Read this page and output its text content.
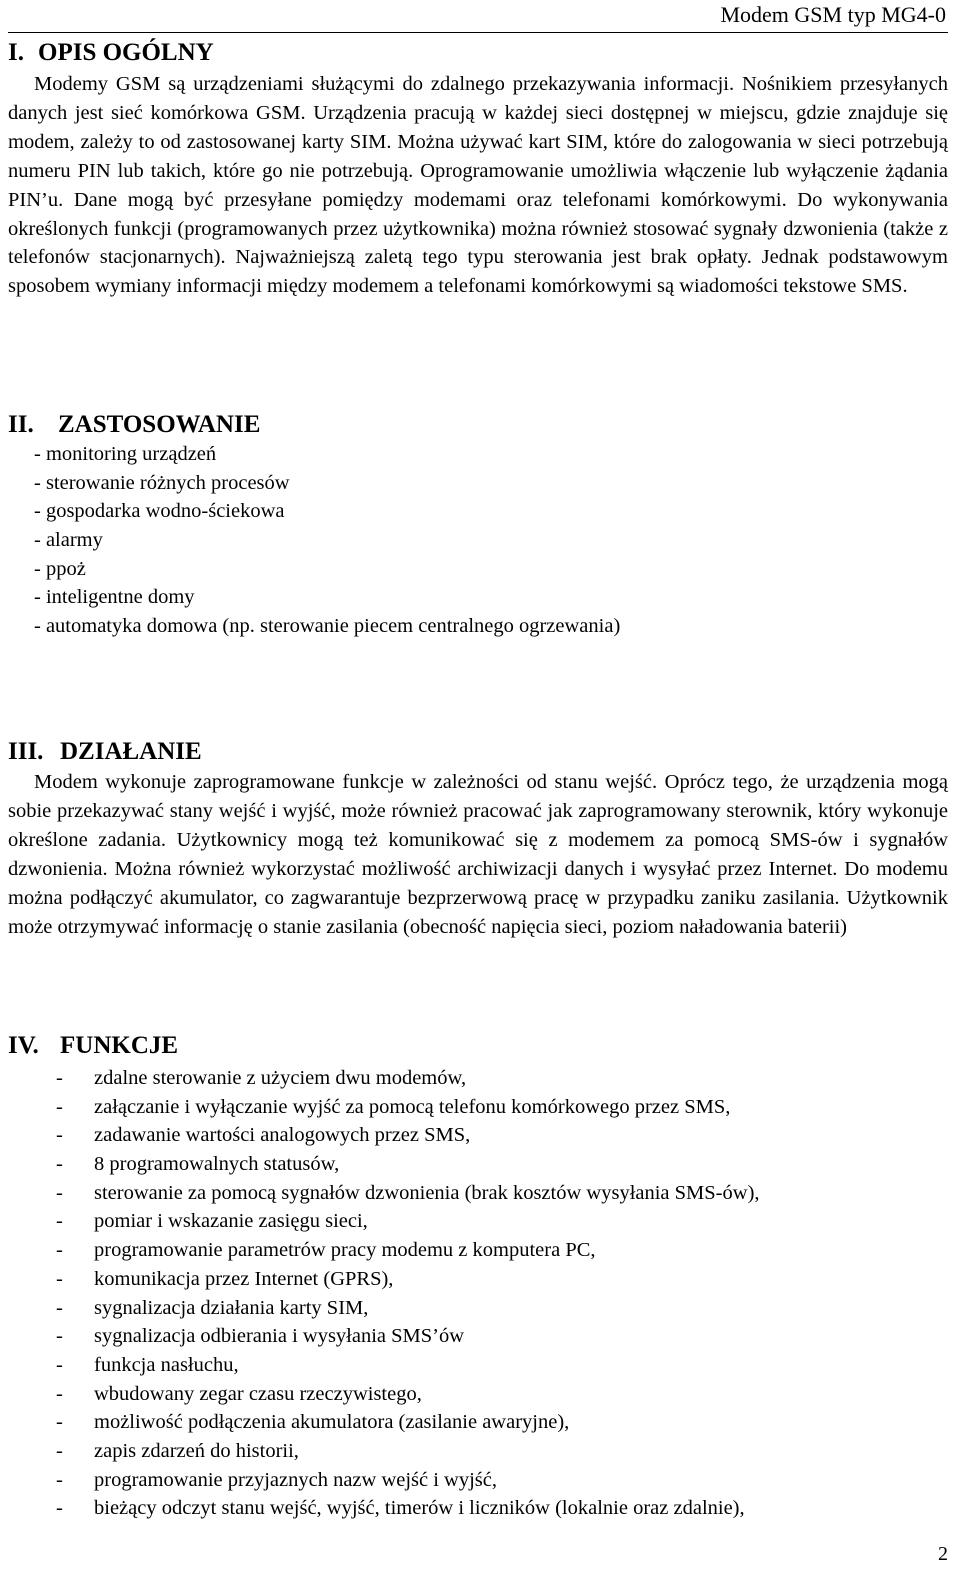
Modem GSM typ MG4-0
I. OPIS OGÓLNY

Modemy GSM są urządzeniami służącymi do zdalnego przekazywania informacji. Nośnikiem przesyłanych danych jest sieć komórkowa GSM. Urządzenia pracują w każdej sieci dostępnej w miejscu, gdzie znajduje się modem, zależy to od zastosowanej karty SIM. Można używać kart SIM, które do zalogowania w sieci potrzebują numeru PIN lub takich, które go nie potrzebują. Oprogramowanie umożliwia włączenie lub wyłączenie żądania PIN’u. Dane mogą być przesyłane pomiędzy modemami oraz telefonami komórkowymi. Do wykonywania określonych funkcji (programowanych przez użytkownika) można również stosować sygnały dzwonienia (także z telefonów stacjonarnych). Najważniejszą zaletą tego typu sterowania jest brak opłaty. Jednak podstawowym sposobem wymiany informacji między modemem a telefonami komórkowymi są wiadomości tekstowe SMS.

II. ZASTOSOWANIE
- monitoring urządzeń
- sterowanie różnych procesów
- gospodarka wodno-ściekowa
- alarmy
- ppoż
- inteligentne domy
- automatyka domowa (np. sterowanie piecem centralnego ogrzewania)
III. DZIAŁANIE

Modem wykonuje zaprogramowane funkcje w zależności od stanu wejść. Oprócz tego, że urządzenia mogą sobie przekazywać stany wejść i wyjść, może również pracować jak zaprogramowany sterownik, który wykonuje określone zadania. Użytkownicy mogą też komunikować się z modemem za pomocą SMS-ów i sygnałów dzwonienia. Można również wykorzystać możliwość archiwizacji danych i wysyłać przez Internet. Do modemu można podłączyć akumulator, co zagwarantuje bezprzerwową pracę w przypadku zaniku zasilania. Użytkownik może otrzymywać informację o stanie zasilania (obecność napięcia sieci, poziom naładowania baterii)

IV. FUNKCJE
- zdalne sterowanie z użyciem dwu modemów,
- załączanie i wyłączanie wyjść za pomocą telefonu komórkowego przez SMS,
- zadawanie wartości analogowych przez SMS,
- 8 programowalnych statusów,
- sterowanie za pomocą sygnałów dzwonienia (brak kosztów wysyłania SMS-ów),
- pomiar i wskazanie zasięgu sieci,
- programowanie parametrów pracy modemu z komputera PC,
- komunikacja przez Internet (GPRS),
- sygnalizacja działania karty SIM,
- sygnalizacja odbierania i wysyłania SMS’ów
- funkcja nasłuchu,
- wbudowany zegar czasu rzeczywistego,
- możliwość podłączenia akumulatora (zasilanie awaryjne),
- zapis zdarzeń do historii,
- programowanie przyjaznych nazw wejść i wyjść,
- bieżący odczyt stanu wejść, wyjść, timerów i liczników (lokalnie oraz zdalnie),
2
